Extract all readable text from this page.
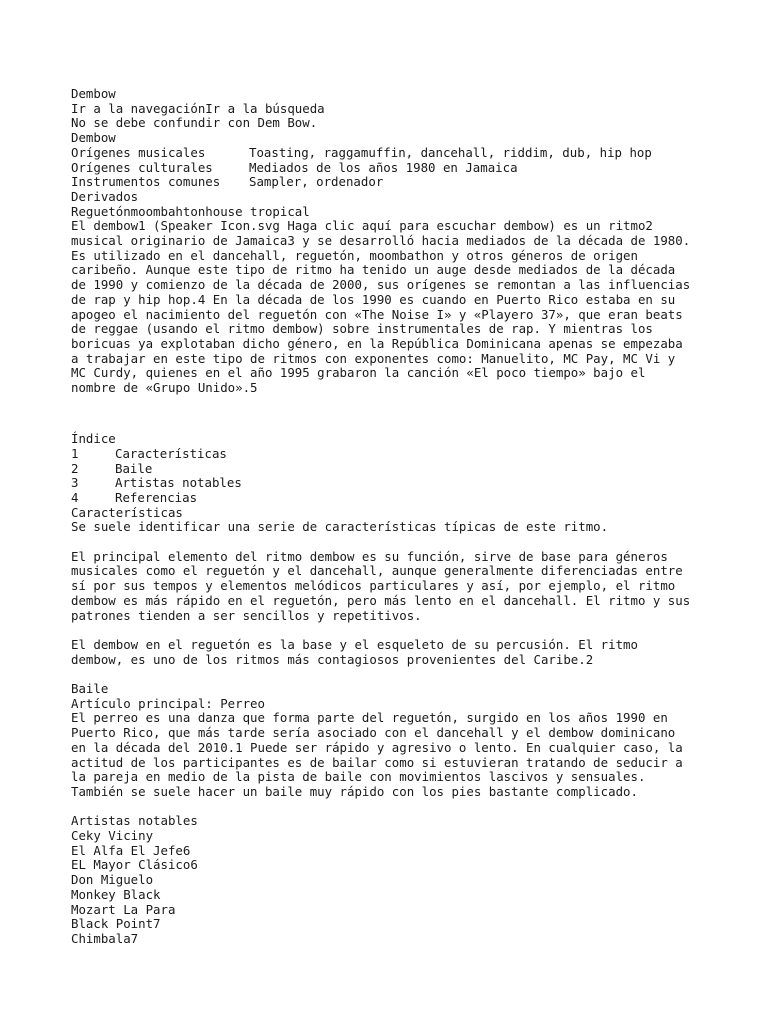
Dembow

Ir a la navegaciónIr a la búsqueda

No se debe confundir con Dem Bow.

Dembow

Orígenes musicales	Toasting, raggamuffin, dancehall, riddim, dub, hip hop
Orígenes culturales	Mediados de los años 1980 en Jamaica
Instrumentos comunes	Sampler, ordenador

Derivados

Reguetónmoombahtonhouse tropical

El dembow1 (Speaker Icon.svg Haga clic aquí para escuchar dembow) es un ritmo2

musical originario de Jamaica3 y se desarrolló hacia mediados de la década de 1980.

Es utilizado en el dancehall, reguetón, moombathon y otros géneros de origen

caribeño. Aunque este tipo de ritmo ha tenido un auge desde mediados de la década

de 1990 y comienzo de la década de 2000, sus orígenes se remontan a las influencias

de rap y hip hop.4 En la década de los 1990 es cuando en Puerto Rico estaba en su

apogeo el nacimiento del reguetón con «The Noise I» y «Playero 37», que eran beats

de reggae (usando el ritmo dembow) sobre instrumentales de rap. Y mientras los

boricuas ya explotaban dicho género, en la República Dominicana apenas se empezaba

a trabajar en este tipo de ritmos con exponentes como: Manuelito, MC Pay, MC Vi y

MC Curdy, quienes en el año 1995 grabaron la canción «El poco tiempo» bajo el

nombre de «Grupo Unido».5

Índice

1	Características
2	Baile
3	Artistas notables
4	Referencias

Características

Se suele identificar una serie de características típicas de este ritmo.

El principal elemento del ritmo dembow es su función, sirve de base para géneros

musicales como el reguetón y el dancehall, aunque generalmente diferenciadas entre

sí por sus tempos y elementos melódicos particulares y así, por ejemplo, el ritmo

dembow es más rápido en el reguetón, pero más lento en el dancehall. El ritmo y sus

patrones tienden a ser sencillos y repetitivos.

El dembow en el reguetón es la base y el esqueleto de su percusión. El ritmo

dembow, es uno de los ritmos más contagiosos provenientes del Caribe.2

Baile

Artículo principal: Perreo

El perreo es una danza que forma parte del reguetón, surgido en los años 1990 en

Puerto Rico, que más tarde sería asociado con el dancehall y el dembow dominicano

en la década del 2010.1 Puede ser rápido y agresivo o lento. En cualquier caso, la

actitud de los participantes es de bailar como si estuvieran tratando de seducir a

la pareja en medio de la pista de baile con movimientos lascivos y sensuales.

También se suele hacer un baile muy rápido con los pies bastante complicado.

Artistas notables

Ceky Viciny

El Alfa El Jefe6

EL Mayor Clásico6

Don Miguelo

Monkey Black

Mozart La Para

Black Point7

Chimbala7
